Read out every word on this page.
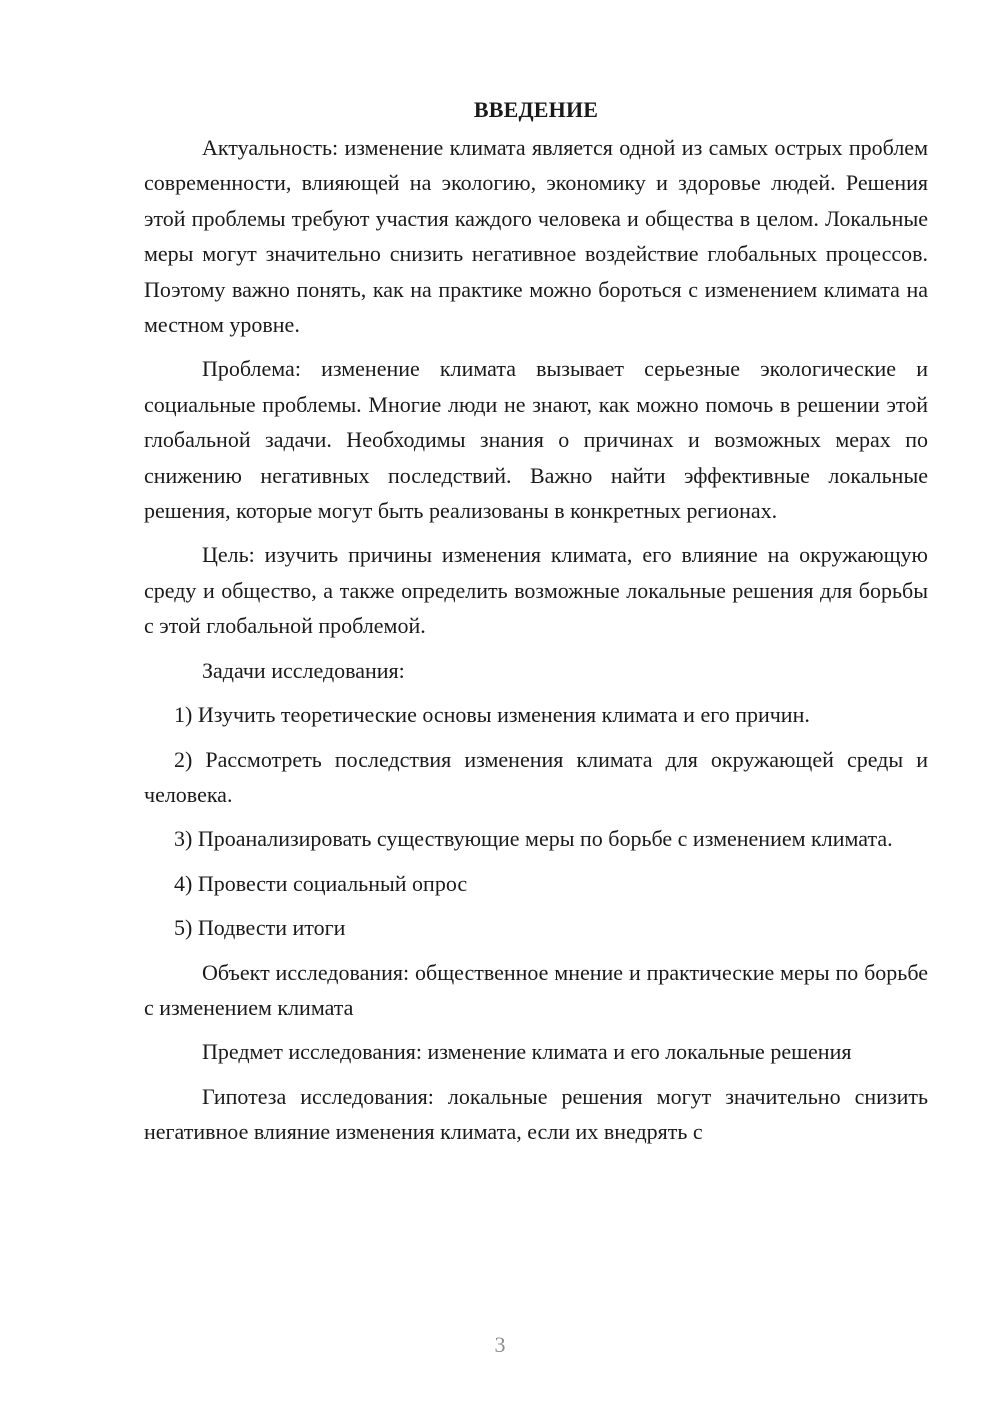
ВВЕДЕНИЕ

Актуальность: изменение климата является одной из самых острых проблем современности, влияющей на экологию, экономику и здоровье людей. Решения этой проблемы требуют участия каждого человека и общества в целом. Локальные меры могут значительно снизить негативное воздействие глобальных процессов. Поэтому важно понять, как на практике можно бороться с изменением климата на местном уровне.

Проблема: изменение климата вызывает серьезные экологические и социальные проблемы. Многие люди не знают, как можно помочь в решении этой глобальной задачи. Необходимы знания о причинах и возможных мерах по снижению негативных последствий. Важно найти эффективные локальные решения, которые могут быть реализованы в конкретных регионах.

Цель: изучить причины изменения климата, его влияние на окружающую среду и общество, а также определить возможные локальные решения для борьбы с этой глобальной проблемой.

Задачи исследования:

1) Изучить теоретические основы изменения климата и его причин.

2) Рассмотреть последствия изменения климата для окружающей среды и человека.

3) Проанализировать существующие меры по борьбе с изменением климата.

4) Провести социальный опрос

5) Подвести итоги

Объект исследования: общественное мнение и практические меры по борьбе с изменением климата

Предмет исследования: изменение климата и его локальные решения

Гипотеза исследования: локальные решения могут значительно снизить негативное влияние изменения климата, если их внедрять с

3
